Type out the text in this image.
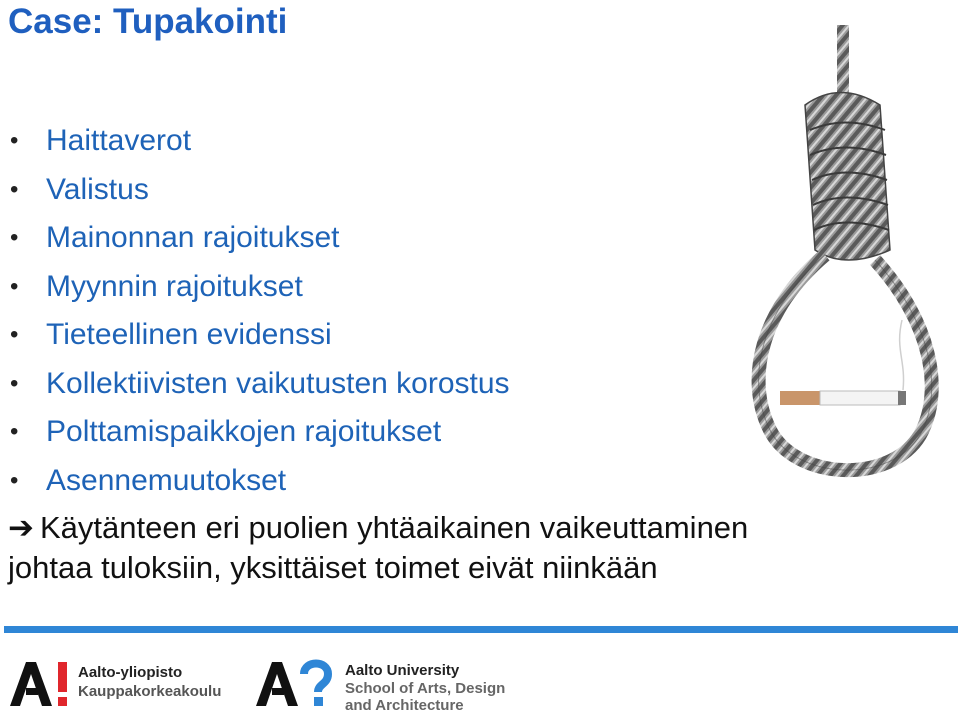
Case: Tupakointi
• Haittaverot
• Valistus
• Mainonnan rajoitukset
• Myynnin rajoitukset
• Tieteellinen evidenssi
• Kollektiivisten vaikutusten korostus
• Polttamispaikkojen rajoitukset
• Asennemuutokset
➔ Käytänteen eri puolien yhtäaikainen vaikeuttaminen
johtaa tuloksiin, yksittäiset toimet eivät niinkään
Aalto-yliopisto
Kauppakorkeakoulu
Aalto University
School of Arts, Design
and Architecture
